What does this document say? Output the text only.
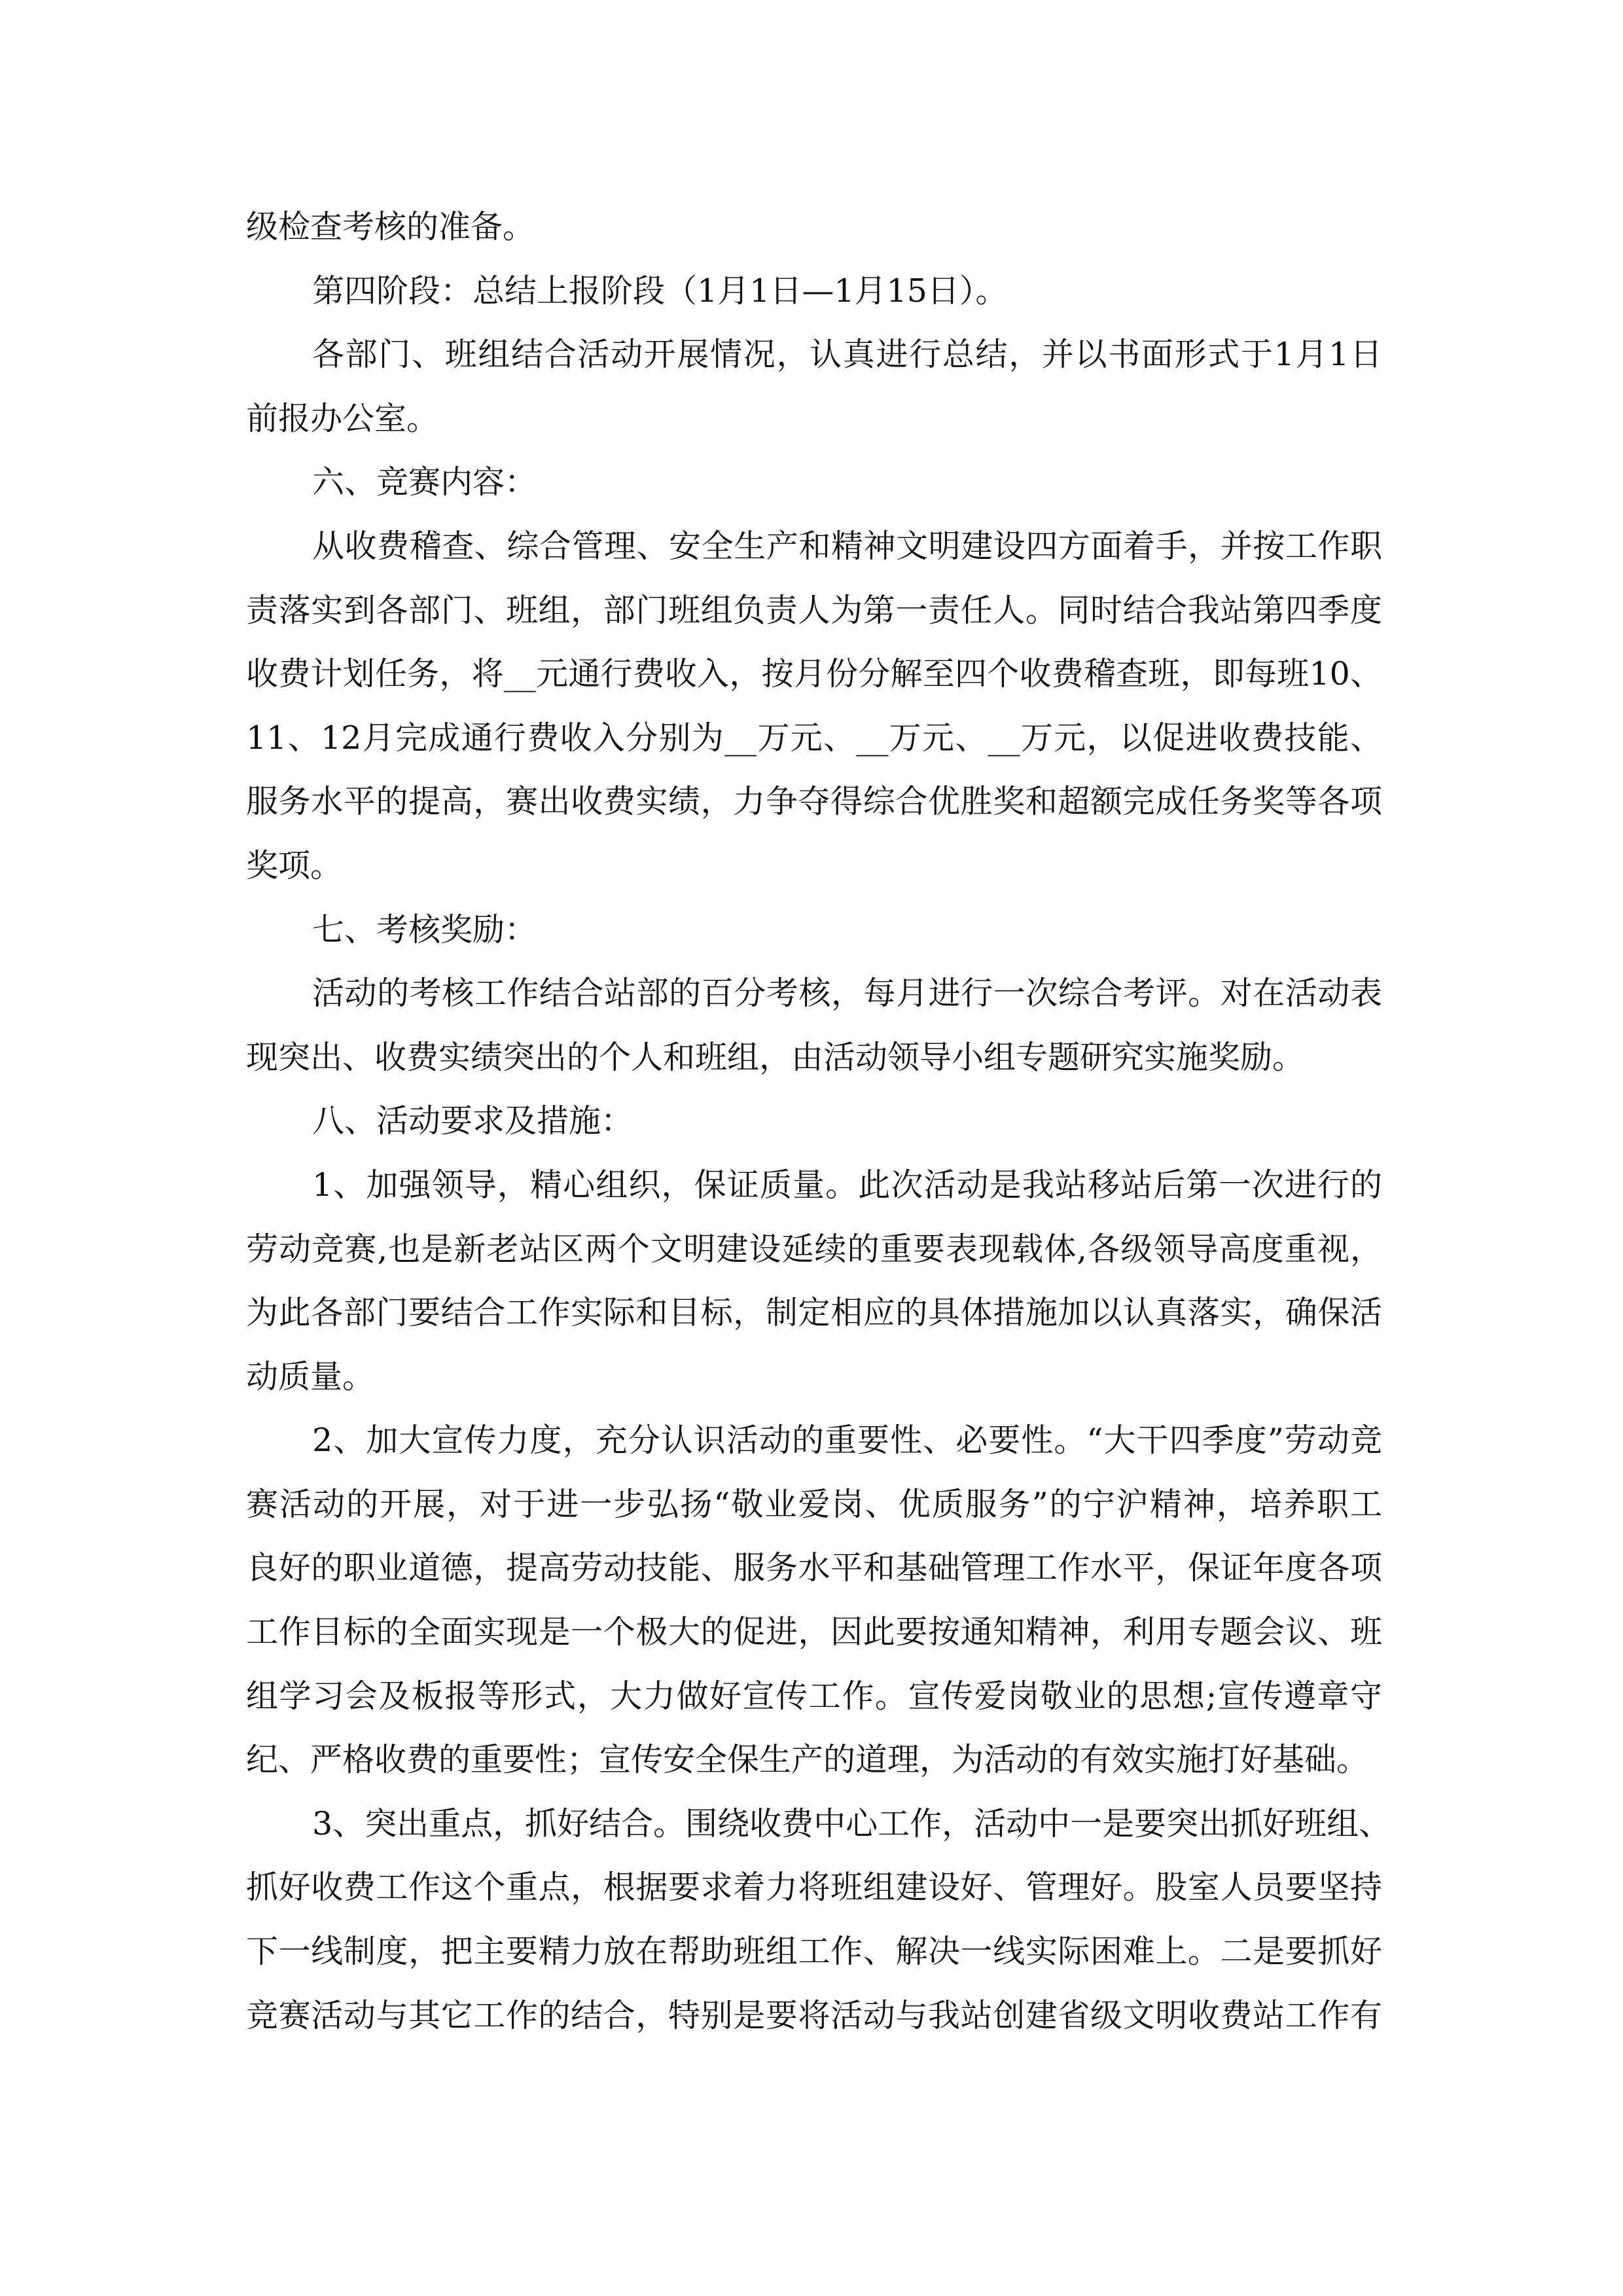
级检查考核的准备。
第四阶段：总结上报阶段（1月1日—1月15日）。
各部门、班组结合活动开展情况，认真进行总结，并以书面形式于1月1日
前报办公室。
六、竞赛内容：
从收费稽查、综合管理、安全生产和精神文明建设四方面着手，并按工作职
责落实到各部门、班组，部门班组负责人为第一责任人。同时结合我站第四季度
收费计划任务，将__元通行费收入，按月份分解至四个收费稽查班，即每班10、
11、12月完成通行费收入分别为__万元、__万元、__万元，以促进收费技能、
服务水平的提高，赛出收费实绩，力争夺得综合优胜奖和超额完成任务奖等各项
奖项。
七、考核奖励：
活动的考核工作结合站部的百分考核，每月进行一次综合考评。对在活动表
现突出、收费实绩突出的个人和班组，由活动领导小组专题研究实施奖励。
八、活动要求及措施：
1、加强领导，精心组织，保证质量。此次活动是我站移站后第一次进行的
劳动竞赛,也是新老站区两个文明建设延续的重要表现载体,各级领导高度重视，
为此各部门要结合工作实际和目标，制定相应的具体措施加以认真落实，确保活
动质量。
2、加大宣传力度，充分认识活动的重要性、必要性。“大干四季度”劳动竞
赛活动的开展，对于进一步弘扬“敬业爱岗、优质服务”的宁沪精神，培养职工
良好的职业道德，提高劳动技能、服务水平和基础管理工作水平，保证年度各项
工作目标的全面实现是一个极大的促进，因此要按通知精神，利用专题会议、班
组学习会及板报等形式，大力做好宣传工作。宣传爱岗敬业的思想;宣传遵章守
纪、严格收费的重要性；宣传安全保生产的道理，为活动的有效实施打好基础。
3、突出重点，抓好结合。围绕收费中心工作，活动中一是要突出抓好班组、
抓好收费工作这个重点，根据要求着力将班组建设好、管理好。股室人员要坚持
下一线制度，把主要精力放在帮助班组工作、解决一线实际困难上。二是要抓好
竞赛活动与其它工作的结合，特别是要将活动与我站创建省级文明收费站工作有
